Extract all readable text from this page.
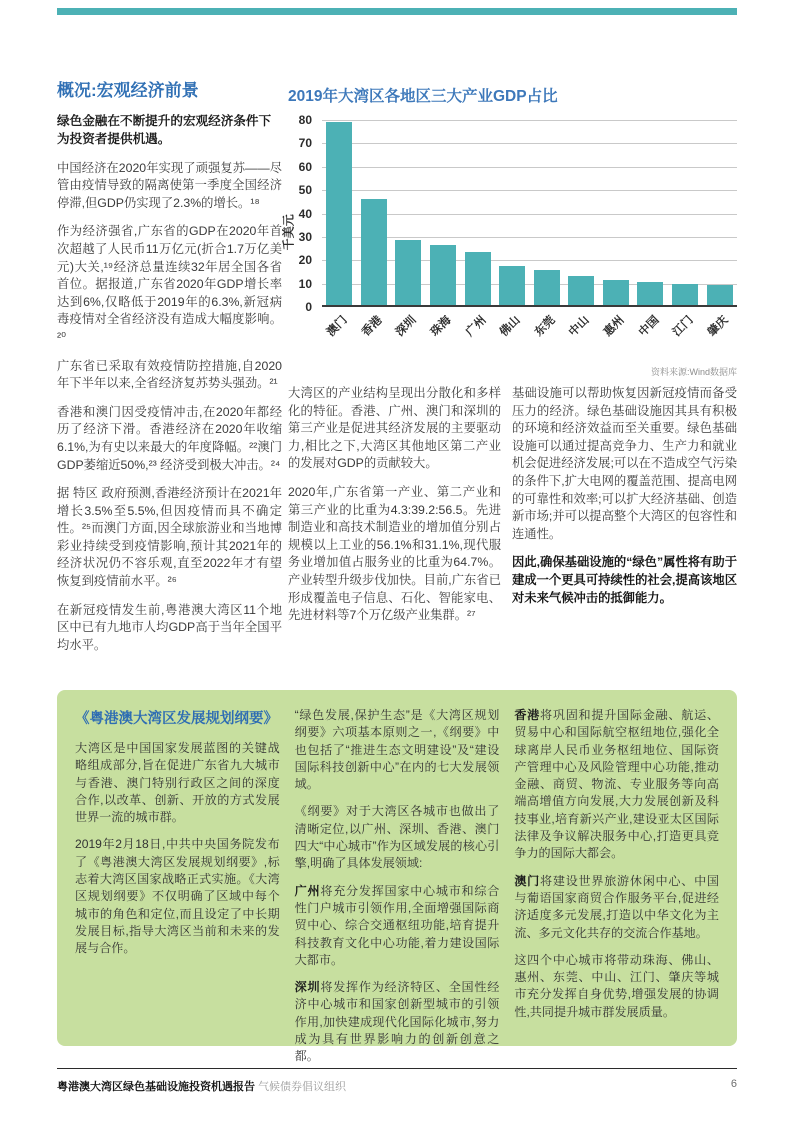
概况:宏观经济前景
绿色金融在不断提升的宏观经济条件下为投资者提供机遇。
中国经济在2020年实现了顽强复苏——尽管由疫情导致的隔离使第一季度全国经济停滞,但GDP仍实现了2.3%的增长。¹⁸
作为经济强省,广东省的GDP在2020年首次超越了人民币11万亿元(折合1.7万亿美元)大关,¹⁹经济总量连续32年居全国各省首位。据报道,广东省2020年GDP增长率达到6%,仅略低于2019年的6.3%,新冠病毒疫情对全省经济没有造成大幅度影响。²⁰
广东省已采取有效疫情防控措施,自2020年下半年以来,全省经济复苏势头强劲。²¹
香港和澳门因受疫情冲击,在2020年都经历了经济下滑。香港经济在2020年收缩6.1%,为有史以来最大的年度降幅。²²澳门GDP萎缩近50%,²³ 经济受到极大冲击。²⁴
据 特区 政府预测,香港经济预计在2021年增长3.5%至5.5%,但因疫情而具不确定性。²⁵而澳门方面,因全球旅游业和当地博彩业持续受到疫情影响,预计其2021年的经济状况仍不容乐观,直至2022年才有望恢复到疫情前水平。²⁶
在新冠疫情发生前,粤港澳大湾区11个地区中已有九地市人均GDP高于当年全国平均水平。
2019年大湾区各地区三大产业GDP占比
千美元
0
10
20
30
40
50
60
70
80
澳门 香港 深圳 珠海 广州 佛山 东莞 中山 惠州 中国 江门 肇庆
资料来源:Wind数据库
大湾区的产业结构呈现出分散化和多样化的特征。香港、广州、澳门和深圳的第三产业是促进其经济发展的主要驱动力,相比之下,大湾区其他地区第二产业的发展对GDP的贡献较大。
2020年,广东省第一产业、第二产业和第三产业的比重为4.3:39.2:56.5。先进制造业和高技术制造业的增加值分别占规模以上工业的56.1%和31.1%,现代服务业增加值占服务业的比重为64.7%。产业转型升级步伐加快。目前,广东省已形成覆盖电子信息、石化、智能家电、先进材料等7个万亿级产业集群。²⁷
基础设施可以帮助恢复因新冠疫情而备受压力的经济。绿色基础设施因其具有积极的环境和经济效益而至关重要。绿色基础设施可以通过提高竞争力、生产力和就业机会促进经济发展;可以在不造成空气污染的条件下,扩大电网的覆盖范围、提高电网的可靠性和效率;可以扩大经济基础、创造新市场;并可以提高整个大湾区的包容性和连通性。
因此,确保基础设施的“绿色”属性将有助于建成一个更具可持续性的社会,提高该地区对未来气候冲击的抵御能力。
《粤港澳大湾区发展规划纲要》
大湾区是中国国家发展蓝图的关键战略组成部分,旨在促进广东省九大城市与香港、澳门特别行政区之间的深度合作,以改革、创新、开放的方式发展世界一流的城市群。
2019年2月18日,中共中央国务院发布了《粤港澳大湾区发展规划纲要》,标志着大湾区国家战略正式实施。《大湾区规划纲要》不仅明确了区域中每个城市的角色和定位,而且设定了中长期发展目标,指导大湾区当前和未来的发展与合作。
“绿色发展,保护生态”是《大湾区规划纲要》六项基本原则之一,《纲要》中也包括了“推进生态文明建设”及“建设国际科技创新中心”在内的七大发展领域。
《纲要》对于大湾区各城市也做出了清晰定位,以广州、深圳、香港、澳门四大“中心城市”作为区域发展的核心引擎,明确了具体发展领域:
广州将充分发挥国家中心城市和综合性门户城市引领作用,全面增强国际商贸中心、综合交通枢纽功能,培育提升科技教育文化中心功能,着力建设国际大都市。
深圳将发挥作为经济特区、全国性经济中心城市和国家创新型城市的引领作用,加快建成现代化国际化城市,努力成为具有世界影响力的创新创意之都。
香港将巩固和提升国际金融、航运、贸易中心和国际航空枢纽地位,强化全球离岸人民币业务枢纽地位、国际资产管理中心及风险管理中心功能,推动金融、商贸、物流、专业服务等向高端高增值方向发展,大力发展创新及科技事业,培育新兴产业,建设亚太区国际法律及争议解决服务中心,打造更具竞争力的国际大都会。
澳门将建设世界旅游休闲中心、中国与葡语国家商贸合作服务平台,促进经济适度多元发展,打造以中华文化为主流、多元文化共存的交流合作基地。
这四个中心城市将带动珠海、佛山、惠州、东莞、中山、江门、肇庆等城市充分发挥自身优势,增强发展的协调性,共同提升城市群发展质量。
粤港澳大湾区绿色基础设施投资机遇报告 气候债券倡议组织	6
